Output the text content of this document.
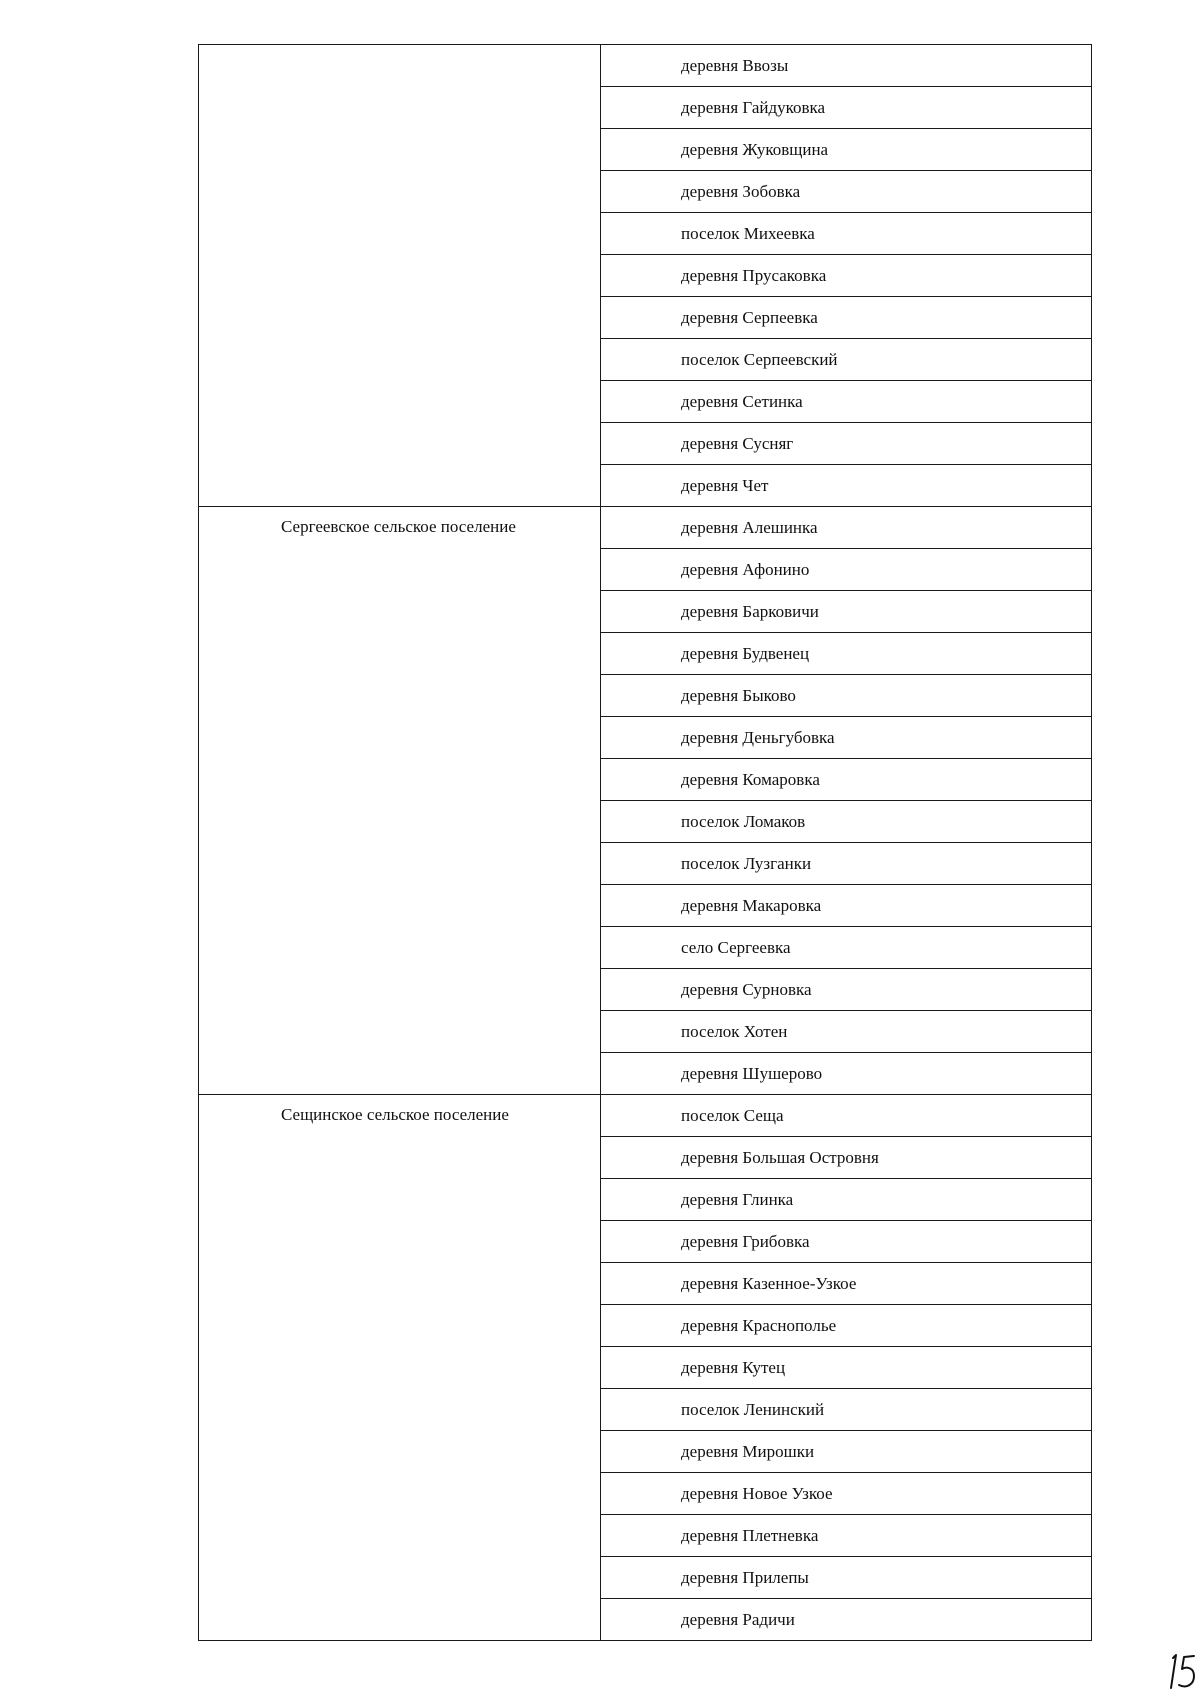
	деревня Ввозы
	деревня Гайдуковка
	деревня Жуковщина
	деревня Зобовка
	поселок Михеевка
	деревня Прусаковка
	деревня Серпеевка
	поселок Серпеевский
	деревня Сетинка
	деревня Сусняг
	деревня Чет
Сергеевское сельское поселение	деревня Алешинка
	деревня Афонино
	деревня Барковичи
	деревня Будвенец
	деревня Быково
	деревня Деньгубовка
	деревня Комаровка
	поселок Ломаков
	поселок Лузганки
	деревня Макаровка
	село Сергеевка
	деревня Сурновка
	поселок Хотен
	деревня Шушерово
Сещинское сельское поселение	поселок Сеща
	деревня Большая Островня
	деревня Глинка
	деревня Грибовка
	деревня Казенное-Узкое
	деревня Краснополье
	деревня Кутец
	поселок Ленинский
	деревня Мирошки
	деревня Новое Узкое
	деревня Плетневка
	деревня Прилепы
	деревня Радичи
